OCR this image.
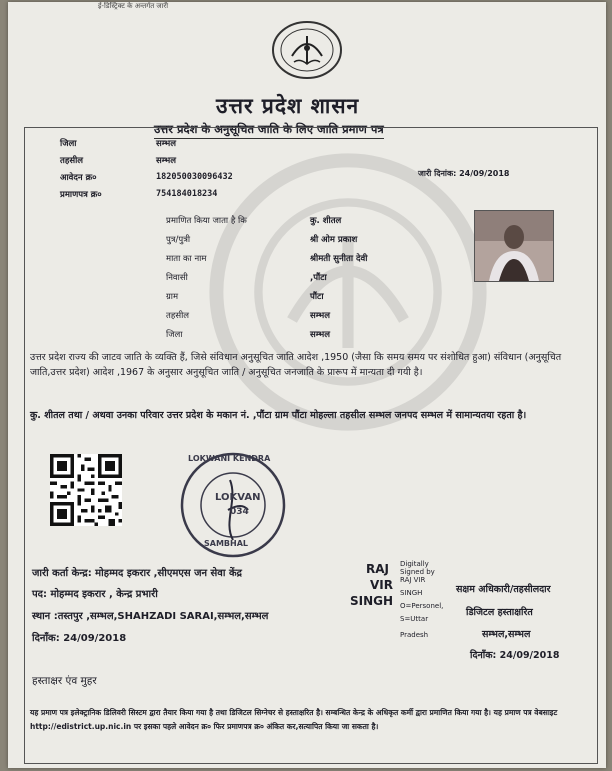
ई-डिस्ट्रिक्ट के अन्तर्गत जारी
उत्तर प्रदेश शासन
उत्तर प्रदेश के अनुसूचित जाति के लिए जाति प्रमाण पत्र
जिला	सम्भल
तहसील	सम्भल
आवेदन क्र०	182050030096432
प्रमाणपत्र क्र०	754184018234
जारी दिनांक: 24/09/2018
प्रमाणित किया जाता है कि	कु. शीतल
पुत्र/पुत्री	श्री ओम प्रकाश
माता का नाम	श्रीमती सुनीता देवी
निवासी	,पौंटा
ग्राम	पौंटा
तहसील	सम्भल
जिला	सम्भल
उत्तर प्रदेश राज्य की जाटव जाति के व्यक्ति हैं, जिसे संविधान अनुसूचित जाति आदेश ,1950 (जैसा कि समय समय पर संशोधित हुआ) संविधान (अनुसूचित जाति,उत्तर प्रदेश) आदेश ,1967 के अनुसार अनुसूचित जाति / अनुसूचित जनजाति के प्रारूप में मान्यता दी गयी है।
कु. शीतल तथा / अथवा उनका परिवार उत्तर प्रदेश के मकान नं. ,पौंटा ग्राम पौंटा मोहल्ला तहसील सम्भल जनपद सम्भल में सामान्यतया रहता है।
LOKWANI KENDRA
LOKVAN
034
SAMBHAL
जारी कर्ता केन्द्र: मोहम्मद इकरार ,सीएमएस जन सेवा केंद्र
पद: मोहम्मद इकरार , केन्द्र प्रभारी
स्थान :तस्तपुर ,सम्भल,SHAHZADI SARAI,सम्भल,सम्भल
दिनाँक: 24/09/2018
RAJ
VIR
SINGH
Digitally
Signed by
RAJ VIR
SINGH
O=Personel,
S=Uttar
Pradesh
सक्षम अधिकारी/तहसीलदार
डिजिटल हस्ताक्षरित
सम्भल,सम्भल
दिनाँक: 24/09/2018
हस्ताक्षर एंव मुहर
यह प्रमाण पत्र इलेक्ट्रानिक डिलिवरी सिस्टम द्वारा तैयार किया गया है तथा डिजिटल सिग्नेचर से हस्ताक्षरित है। सम्बन्धित केन्द्र के अधिकृत कर्मी द्वारा प्रमाणित किया गया है। यह प्रमाण पत्र वेबसाइट http://edistrict.up.nic.in पर इसका पहले आवेदन क्र० फिर प्रमाणपत्र क्र० अंकित कर,सत्यापित किया जा सकता है।
